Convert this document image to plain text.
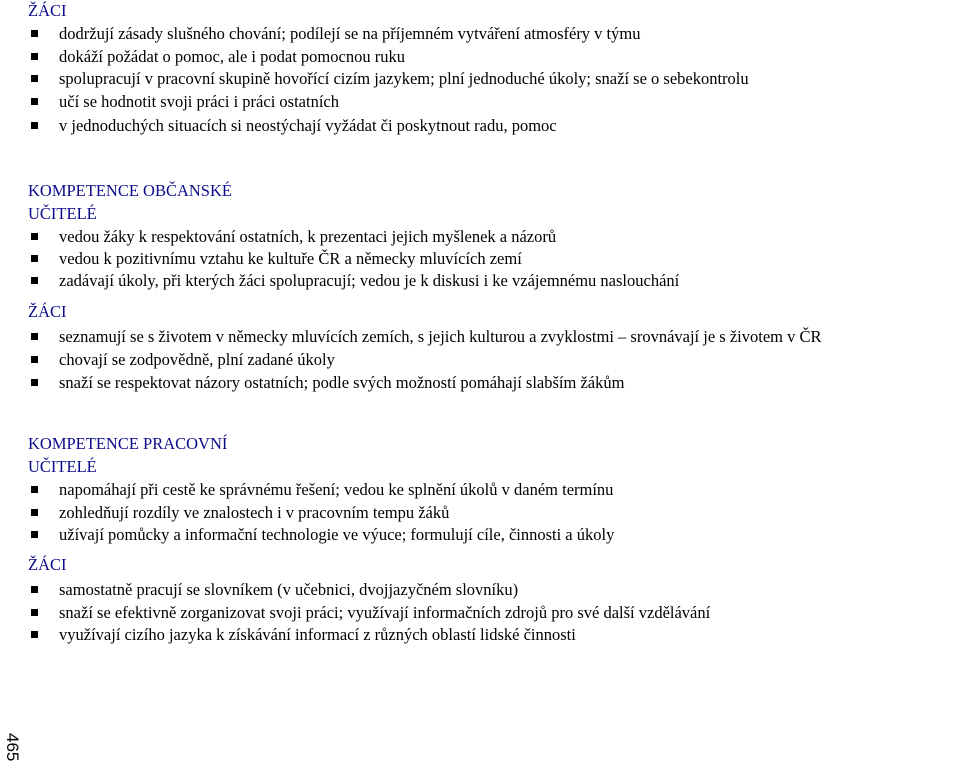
ŽÁCI
dodržují zásady slušného chování; podílejí se na příjemném vytváření atmosféry v týmu
dokáží požádat o pomoc, ale i podat pomocnou ruku
spolupracují v pracovní skupině hovořící cizím jazykem; plní jednoduché úkoly; snaží se o sebekontrolu
učí se hodnotit svoji práci i práci ostatních
v jednoduchých situacích si neostýchají vyžádat či poskytnout radu, pomoc
KOMPETENCE OBČANSKÉ
UČITELÉ
vedou žáky k respektování ostatních, k prezentaci jejich myšlenek a názorů
vedou k pozitivnímu vztahu ke kultuře ČR a německy mluvících zemí
zadávají úkoly, při kterých žáci spolupracují; vedou je k diskusi i ke vzájemnému naslouchání
ŽÁCI
seznamují se s životem v německy mluvících zemích, s jejich kulturou a zvyklostmi – srovnávají je s životem v ČR
chovají se zodpovědně, plní zadané úkoly
snaží se respektovat názory ostatních; podle svých možností pomáhají slabším žákům
KOMPETENCE PRACOVNÍ
UČITELÉ
napomáhají při cestě ke správnému řešení; vedou ke splnění úkolů v daném termínu
zohledňují rozdíly ve znalostech i v pracovním tempu žáků
užívají pomůcky a informační technologie ve výuce; formulují cíle, činnosti a úkoly
ŽÁCI
samostatně pracují se slovníkem (v učebnici, dvojjazyčném slovníku)
snaží se efektivně zorganizovat svoji práci; využívají informačních zdrojů pro své další vzdělávání
využívají cizího jazyka k získávání informací z různých oblastí lidské činnosti
465
